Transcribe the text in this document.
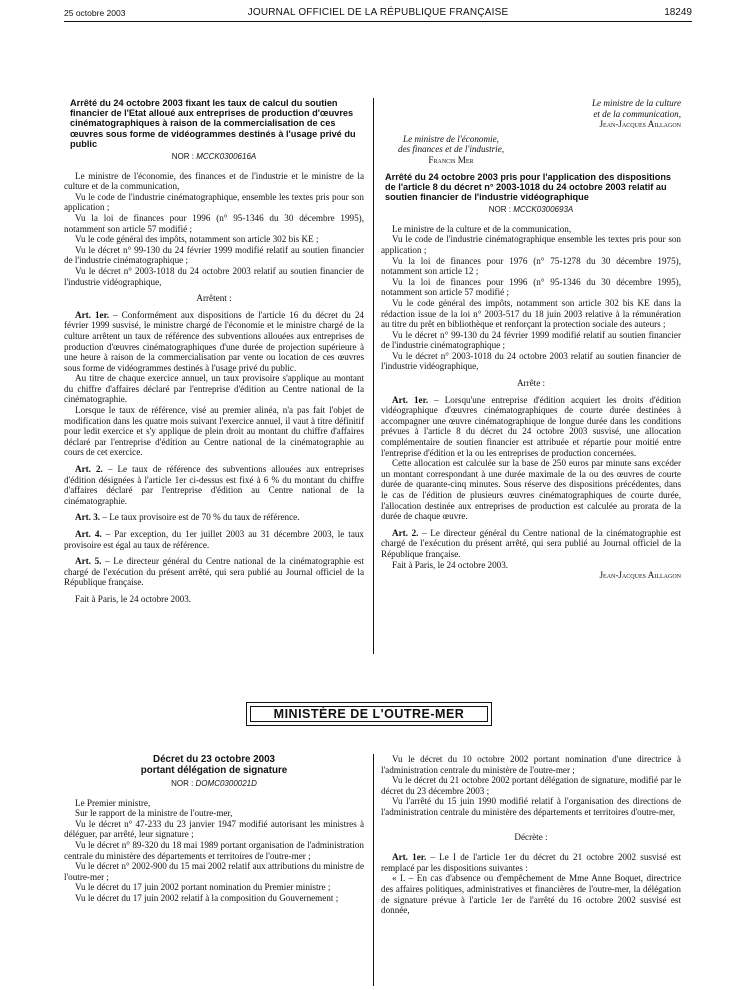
25 octobre 2003	JOURNAL OFFICIEL DE LA RÉPUBLIQUE FRANÇAISE	18249

Arrêté du 24 octobre 2003 fixant les taux de calcul du soutien financier de l'Etat alloué aux entreprises de production d'œuvres cinématographiques à raison de la commercialisation de ces œuvres sous forme de vidéogrammes destinés à l'usage privé du public

NOR : MCCK0300616A

Le ministre de l'économie, des finances et de l'industrie et le ministre de la culture et de la communication,

Vu le code de l'industrie cinématographique, ensemble les textes pris pour son application ;

Vu la loi de finances pour 1996 (n° 95-1346 du 30 décembre 1995), notamment son article 57 modifié ;

Vu le code général des impôts, notamment son article 302 bis KE ;

Vu le décret n° 99-130 du 24 février 1999 modifié relatif au soutien financier de l'industrie cinématographique ;

Vu le décret n° 2003-1018 du 24 octobre 2003 relatif au soutien financier de l'industrie vidéographique,

Arrêtent :

Art. 1er. – Conformément aux dispositions de l'article 16 du décret du 24 février 1999 susvisé, le ministre chargé de l'économie et le ministre chargé de la culture arrêtent un taux de référence des subventions allouées aux entreprises de production d'œuvres cinématographiques d'une durée de projection supérieure à une heure à raison de la commercialisation par vente ou location de ces œuvres sous forme de vidéogrammes destinés à l'usage privé du public.

Au titre de chaque exercice annuel, un taux provisoire s'applique au montant du chiffre d'affaires déclaré par l'entreprise d'édition au Centre national de la cinématographie.

Lorsque le taux de référence, visé au premier alinéa, n'a pas fait l'objet de modification dans les quatre mois suivant l'exercice annuel, il vaut à titre définitif pour ledit exercice et s'y applique de plein droit au montant du chiffre d'affaires déclaré par l'entreprise d'édition au Centre national de la cinématographie au cours de cet exercice.

Art. 2. – Le taux de référence des subventions allouées aux entreprises d'édition désignées à l'article 1er ci-dessus est fixé à 6 % du montant du chiffre d'affaires déclaré par l'entreprise d'édition au Centre national de la cinématographie.

Art. 3. – Le taux provisoire est de 70 % du taux de référence.

Art. 4. – Par exception, du 1er juillet 2003 au 31 décembre 2003, le taux provisoire est égal au taux de référence.

Art. 5. – Le directeur général du Centre national de la cinématographie est chargé de l'exécution du présent arrêté, qui sera publié au Journal officiel de la République française.

Fait à Paris, le 24 octobre 2003.

Le ministre de la culture

et de la communication,

Jean-Jacques Aillagon

Le ministre de l'économie,

des finances et de l'industrie,

Francis Mer

Arrêté du 24 octobre 2003 pris pour l'application des dispositions de l'article 8 du décret n° 2003-1018 du 24 octobre 2003 relatif au soutien financier de l'industrie vidéographique

NOR : MCCK0300693A

Le ministre de la culture et de la communication,

Vu le code de l'industrie cinématographique ensemble les textes pris pour son application ;

Vu la loi de finances pour 1976 (n° 75-1278 du 30 décembre 1975), notamment son article 12 ;

Vu la loi de finances pour 1996 (n° 95-1346 du 30 décembre 1995), notamment son article 57 modifié ;

Vu le code général des impôts, notamment son article 302 bis KE dans la rédaction issue de la loi n° 2003-517 du 18 juin 2003 relative à la rémunération au titre du prêt en bibliothèque et renforçant la protection sociale des auteurs ;

Vu le décret n° 99-130 du 24 février 1999 modifié relatif au soutien financier de l'industrie cinématographique ;

Vu le décret n° 2003-1018 du 24 octobre 2003 relatif au soutien financier de l'industrie vidéographique,

Arrête :

Art. 1er. – Lorsqu'une entreprise d'édition acquiert les droits d'édition vidéographique d'œuvres cinématographiques de courte durée destinées à accompagner une œuvre cinématographique de longue durée dans les conditions prévues à l'article 8 du décret du 24 octobre 2003 susvisé, une allocation complémentaire de soutien financier est attribuée et répartie pour moitié entre l'entreprise d'édition et la ou les entreprises de production concernées.

Cette allocation est calculée sur la base de 250 euros par minute sans excéder un montant correspondant à une durée maximale de la ou des œuvres de courte durée de quarante-cinq minutes. Sous réserve des dispositions précédentes, dans le cas de l'édition de plusieurs œuvres cinématographiques de courte durée, l'allocation destinée aux entreprises de production est calculée au prorata de la durée de chaque œuvre.

Art. 2. – Le directeur général du Centre national de la cinématographie est chargé de l'exécution du présent arrêté, qui sera publié au Journal officiel de la République française.

Fait à Paris, le 24 octobre 2003.

Jean-Jacques Aillagon

MINISTÈRE DE L'OUTRE-MER

Décret du 23 octobre 2003

portant délégation de signature

NOR : DOMC0300021D

Le Premier ministre,

Sur le rapport de la ministre de l'outre-mer,

Vu le décret n° 47-233 du 23 janvier 1947 modifié autorisant les ministres à déléguer, par arrêté, leur signature ;

Vu le décret n° 89-320 du 18 mai 1989 portant organisation de l'administration centrale du ministère des départements et territoires de l'outre-mer ;

Vu le décret n° 2002-900 du 15 mai 2002 relatif aux attributions du ministre de l'outre-mer ;

Vu le décret du 17 juin 2002 portant nomination du Premier ministre ;

Vu le décret du 17 juin 2002 relatif à la composition du Gouvernement ;

Vu le décret du 10 octobre 2002 portant nomination d'une directrice à l'administration centrale du ministère de l'outre-mer ;

Vu le décret du 21 octobre 2002 portant délégation de signature, modifié par le décret du 23 décembre 2003 ;

Vu l'arrêté du 15 juin 1990 modifié relatif à l'organisation des directions de l'administration centrale du ministère des départements et territoires d'outre-mer,

Décrète :

Art. 1er. – Le I de l'article 1er du décret du 21 octobre 2002 susvisé est remplacé par les dispositions suivantes :

« I. – En cas d'absence ou d'empêchement de Mme Anne Boquet, directrice des affaires politiques, administratives et financières de l'outre-mer, la délégation de signature prévue à l'article 1er de l'arrêté du 16 octobre 2002 susvisé est donnée,
